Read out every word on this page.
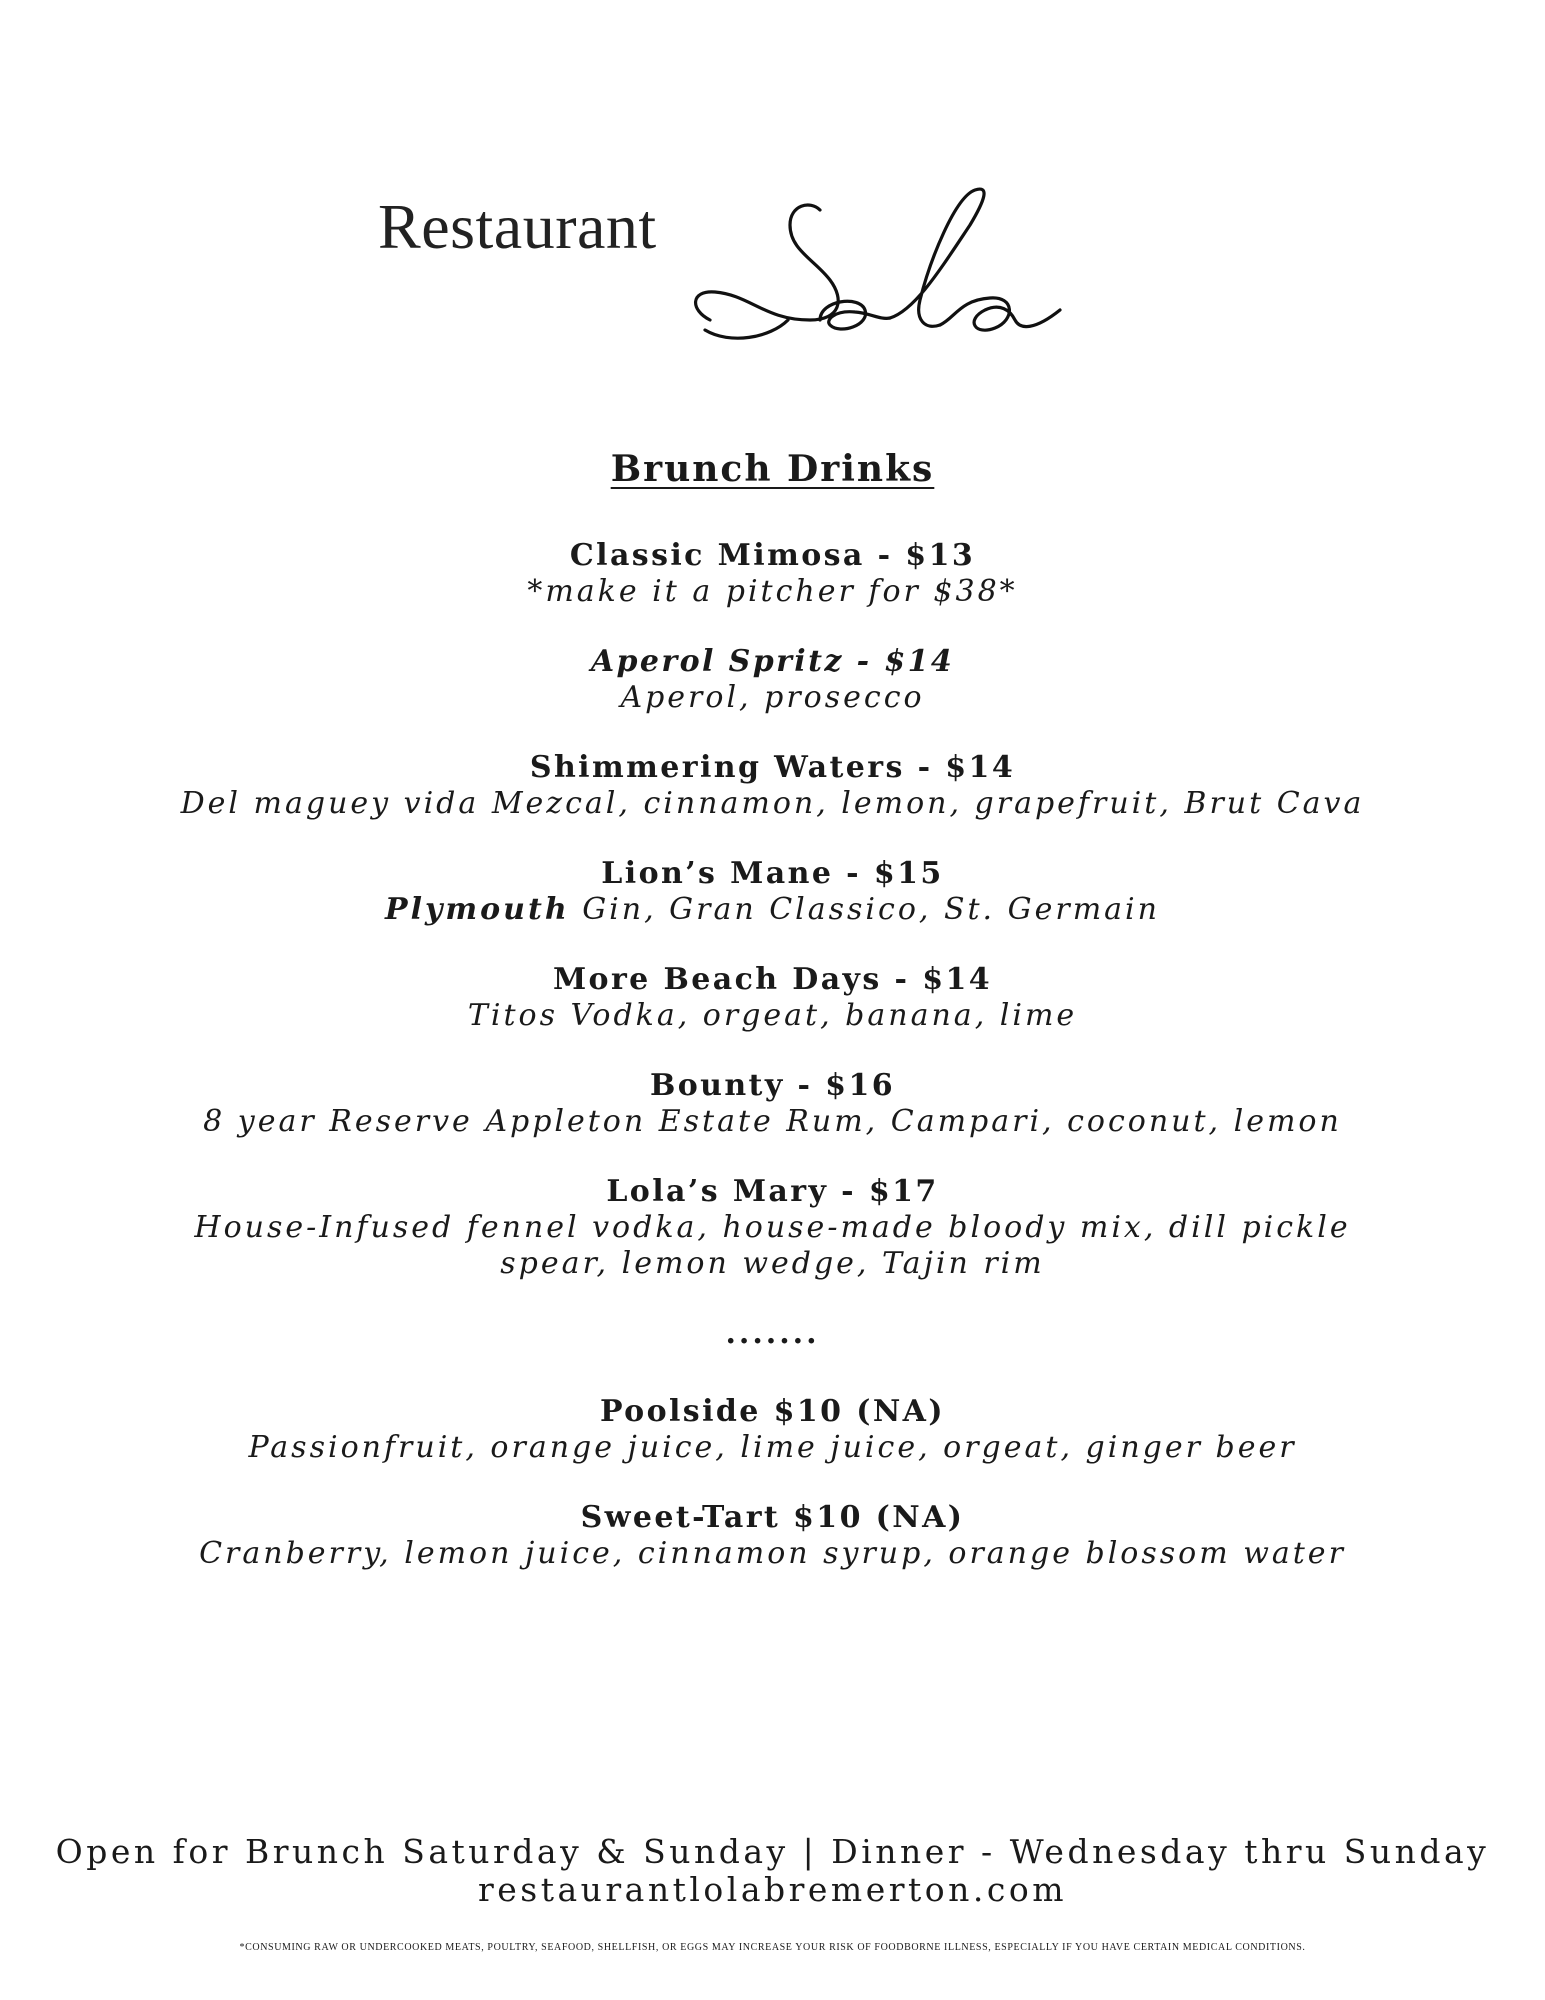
Restaurant
Brunch Drinks
Classic Mimosa - $13
*make it a pitcher for $38*
Aperol Spritz - $14
Aperol, prosecco
Shimmering Waters - $14
Del maguey vida Mezcal, cinnamon, lemon, grapefruit, Brut Cava
Lion’s Mane - $15
Plymouth Gin, Gran Classico, St. Germain
More Beach Days - $14
Titos Vodka, orgeat, banana, lime
Bounty - $16
8 year Reserve Appleton Estate Rum, Campari, coconut, lemon
Lola’s Mary - $17
House-Infused fennel vodka, house-made bloody mix, dill pickle
spear, lemon wedge, Tajin rim
.......
Poolside $10 (NA)
Passionfruit, orange juice, lime juice, orgeat, ginger beer
Sweet-Tart $10 (NA)
Cranberry, lemon juice, cinnamon syrup, orange blossom water
Open for Brunch Saturday & Sunday | Dinner - Wednesday thru Sunday
restaurantlolabremerton.com
*CONSUMING RAW OR UNDERCOOKED MEATS, POULTRY, SEAFOOD, SHELLFISH, OR EGGS MAY INCREASE YOUR RISK OF FOODBORNE ILLNESS, ESPECIALLY IF YOU HAVE CERTAIN MEDICAL CONDITIONS.
